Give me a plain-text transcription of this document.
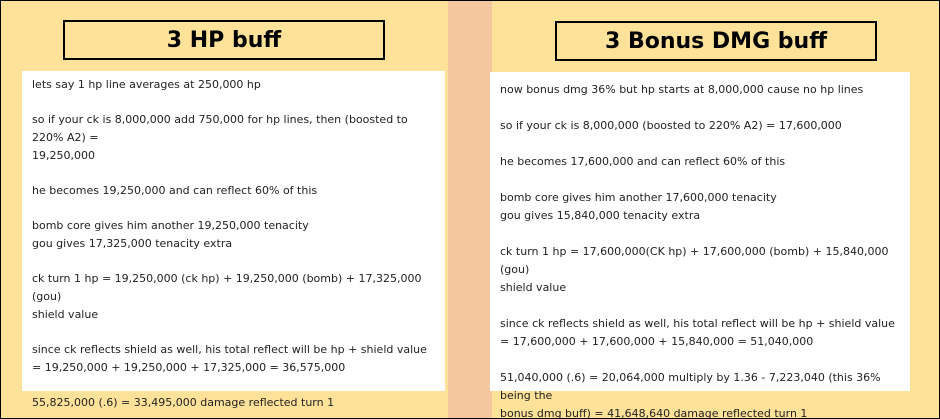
3 HP buff	3 Bonus DMG buff
lets say 1 hp line averages at 250,000 hp
so if your ck is 8,000,000 add 750,000 for hp lines, then (boosted to 220% A2) =
19,250,000
he becomes 19,250,000 and can reflect 60% of this
bomb core gives him another 19,250,000 tenacity
gou gives 17,325,000 tenacity extra
ck turn 1 hp = 19,250,000 (ck hp) + 19,250,000 (bomb) + 17,325,000 (gou)
shield value
since ck reflects shield as well, his total reflect will be hp + shield value
= 19,250,000 + 19,250,000 + 17,325,000 = 36,575,000
55,825,000 (.6) = 33,495,000 damage reflected turn 1
now bonus dmg 36% but hp starts at 8,000,000 cause no hp lines
so if your ck is 8,000,000 (boosted to 220% A2) = 17,600,000
he becomes 17,600,000 and can reflect 60% of this
bomb core gives him another 17,600,000 tenacity
gou gives 15,840,000 tenacity extra
ck turn 1 hp = 17,600,000(CK hp) + 17,600,000 (bomb) + 15,840,000 (gou)
shield value
since ck reflects shield as well, his total reflect will be hp + shield value
= 17,600,000 + 17,600,000 + 15,840,000 = 51,040,000
51,040,000 (.6) = 20,064,000 multiply by 1.36 - 7,223,040 (this 36% being the
bonus dmg buff) = 41,648,640 damage reflected turn 1
